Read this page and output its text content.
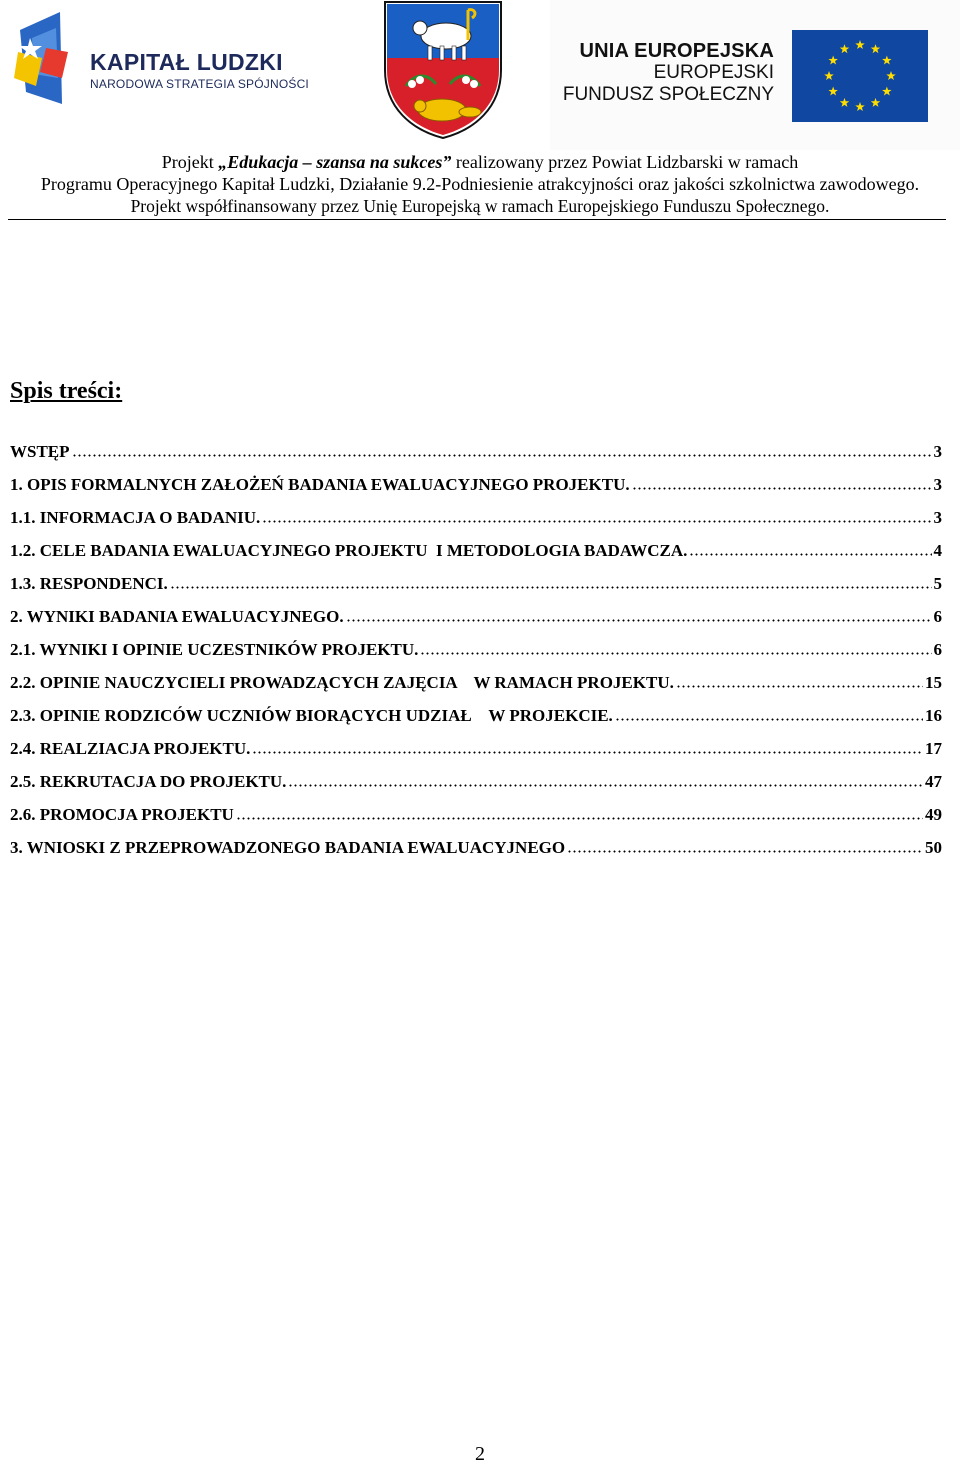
KAPITAŁ LUDZKI
NARODOWA STRATEGIA SPÓJNOŚCI
UNIA EUROPEJSKA
EUROPEJSKI
FUNDUSZ SPOŁECZNY
Projekt „Edukacja – szansa na sukces” realizowany przez Powiat Lidzbarski w ramach
Programu Operacyjnego Kapitał Ludzki, Działanie 9.2-Podniesienie atrakcyjności oraz jakości szkolnictwa zawodowego.
Projekt współfinansowany przez Unię Europejską w ramach Europejskiego Funduszu Społecznego.
Spis treści:
WSTĘP	3
1. OPIS FORMALNYCH ZAŁOŻEŃ BADANIA EWALUACYJNEGO PROJEKTU.	3
1.1. INFORMACJA O BADANIU.	3
1.2. CELE BADANIA EWALUACYJNEGO PROJEKTU  I METODOLOGIA BADAWCZA.	4
1.3. RESPONDENCI.	5
2. WYNIKI BADANIA EWALUACYJNEGO.	6
2.1. WYNIKI I OPINIE UCZESTNIKÓW PROJEKTU.	6
2.2. OPINIE NAUCZYCIELI PROWADZĄCYCH ZAJĘCIA    W RAMACH PROJEKTU.	15
2.3. OPINIE RODZICÓW UCZNIÓW BIORĄCYCH UDZIAŁ    W PROJEKCIE.	16
2.4. REALZIACJA PROJEKTU.	17
2.5. REKRUTACJA DO PROJEKTU.	47
2.6. PROMOCJA PROJEKTU	49
3. WNIOSKI Z PRZEPROWADZONEGO BADANIA EWALUACYJNEGO	50
2
